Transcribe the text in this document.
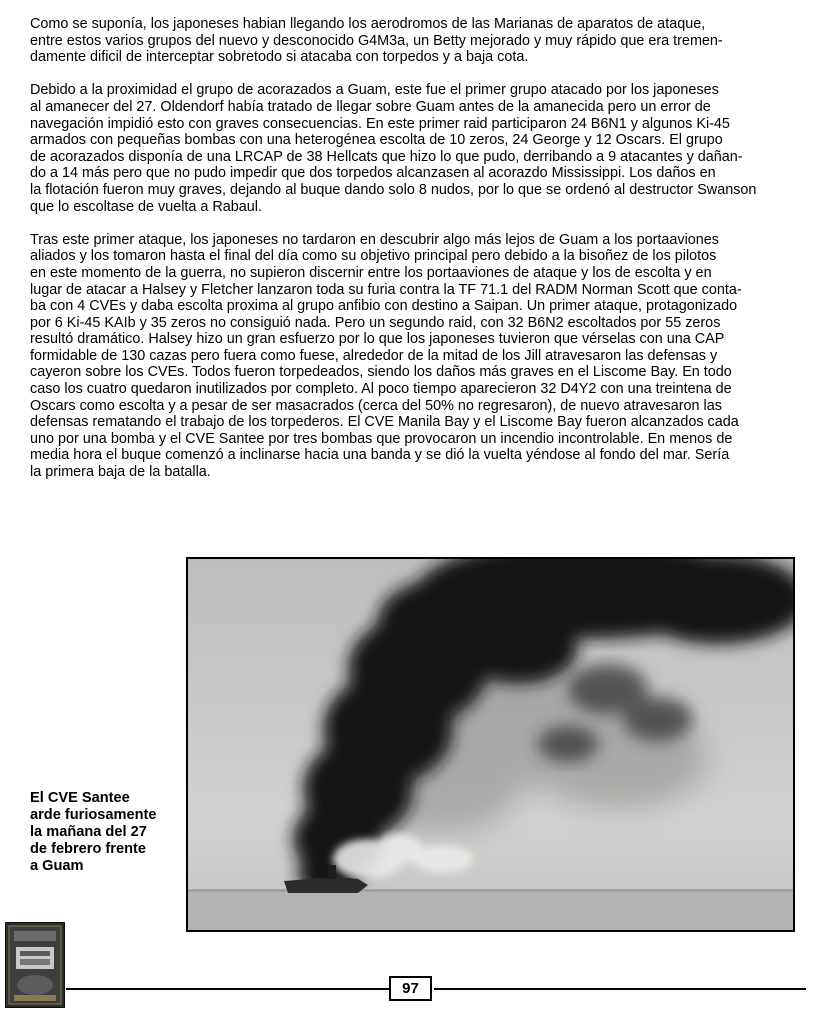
Como se suponía, los japoneses habian llegando los aerodromos de las Marianas de aparatos de ataque,
entre estos varios grupos del nuevo y desconocido G4M3a, un Betty mejorado y muy rápido que era tremen-
damente dificil de interceptar sobretodo si atacaba con torpedos y a baja cota.

Debido a la proximidad el grupo de acorazados a Guam, este fue el primer grupo atacado por los japoneses
al amanecer del 27. Oldendorf había tratado de llegar sobre Guam antes de la amanecida pero un error de
navegación impidió esto con graves consecuencias. En este primer raid participaron 24 B6N1 y algunos Ki-45
armados con pequeñas bombas con una heterogénea escolta de 10 zeros, 24 George y 12 Oscars. El grupo
de acorazados disponía de una LRCAP de 38 Hellcats que hizo lo que pudo, derribando a 9 atacantes y dañan-
do a 14 más pero que no pudo impedir que dos torpedos alcanzasen al acorazdo Mississippi. Los daños en
la flotación fueron muy graves, dejando al buque dando solo 8 nudos, por lo que se ordenó al destructor Swanson
que lo escoltase de vuelta a Rabaul.

Tras este primer ataque, los japoneses no tardaron en descubrir algo más lejos de Guam a los portaaviones
aliados y los tomaron hasta el final del día como su objetivo principal pero debido a la bisoñez de los pilotos
en este momento de la guerra, no supieron discernir entre los portaaviones de ataque y los de escolta y en
lugar de atacar a Halsey y Fletcher lanzaron toda su furia contra la TF 71.1 del RADM Norman Scott que conta-
ba con 4 CVEs y daba escolta proxima al grupo anfibio con destino a Saipan. Un primer ataque, protagonizado
por 6 Ki-45 KAIb y 35 zeros no consiguió nada. Pero un segundo raid, con 32 B6N2 escoltados por 55 zeros
resultó dramático. Halsey hizo un gran esfuerzo por lo que los japoneses tuvieron que vérselas con una CAP
formidable de 130 cazas pero fuera como fuese, alrededor de la mitad de los Jill atravesaron las defensas y
cayeron sobre los CVEs. Todos fueron torpedeados, siendo los daños más graves en el Liscome Bay. En todo
caso los cuatro quedaron inutilizados por completo. Al poco tiempo aparecieron 32 D4Y2 con una treintena de
Oscars como escolta y a pesar de ser masacrados (cerca del 50% no regresaron), de nuevo atravesaron las
defensas rematando el trabajo de los torpederos. El CVE Manila Bay y el Liscome Bay fueron alcanzados cada
uno por una bomba y el CVE Santee por tres bombas que provocaron un incendio incontrolable. En menos de
media hora el buque comenzó a inclinarse hacia una banda y se dió la vuelta yéndose al fondo del mar. Sería
la primera baja de la batalla.

El CVE Santee
arde furiosamente
la mañana del 27
de febrero frente
a Guam
97
